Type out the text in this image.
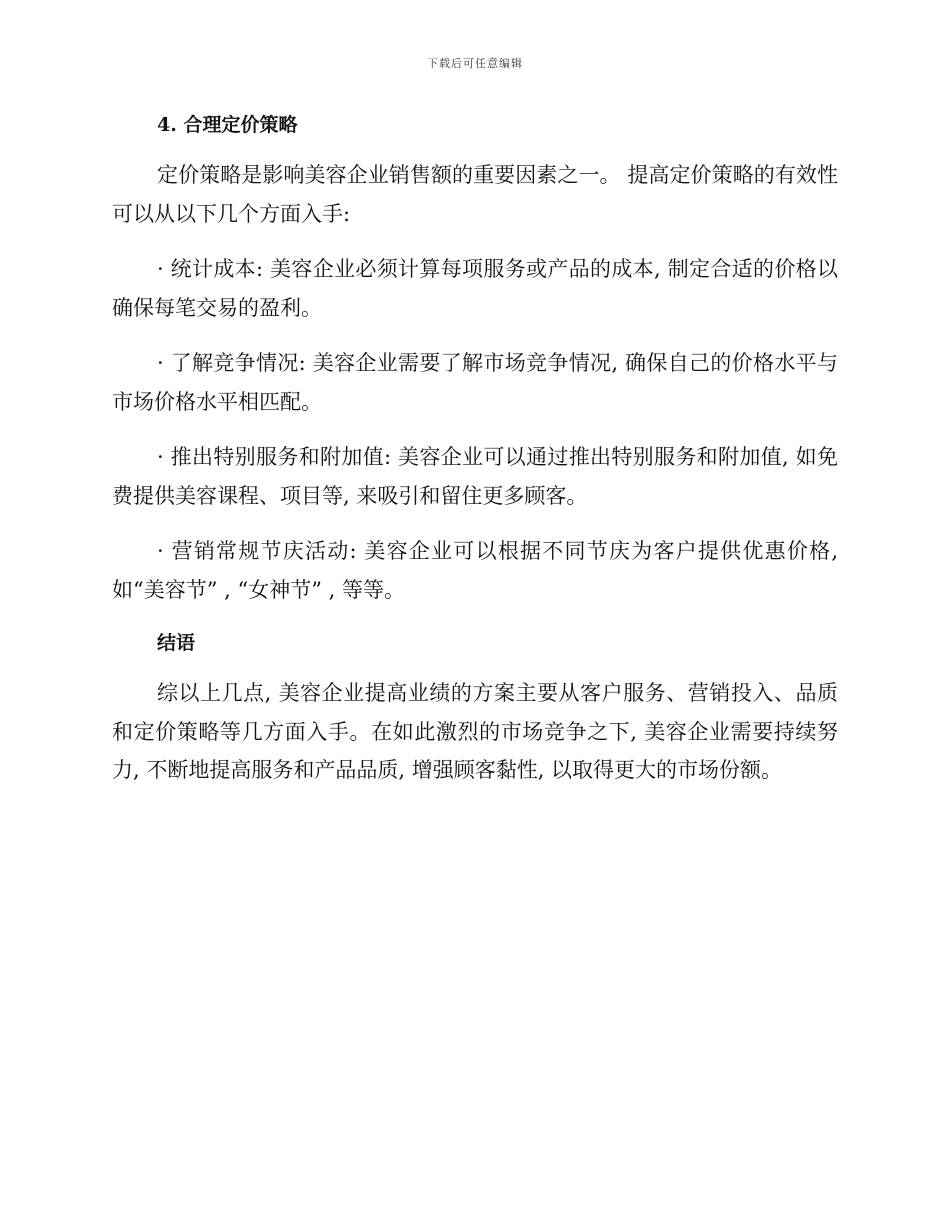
下载后可任意编辑
4. 合理定价策略

定价策略是影响美容企业销售额的重要因素之一。 提高定价策略的有效性可以从以下几个方面入手:

· 统计成本: 美容企业必须计算每项服务或产品的成本, 制定合适的价格以确保每笔交易的盈利。

· 了解竞争情况: 美容企业需要了解市场竞争情况, 确保自己的价格水平与市场价格水平相匹配。

· 推出特别服务和附加值: 美容企业可以通过推出特别服务和附加值, 如免费提供美容课程、项目等, 来吸引和留住更多顾客。

· 营销常规节庆活动: 美容企业可以根据不同节庆为客户提供优惠价格, 如“美容节” , “女神节” , 等等。

结语

综以上几点, 美容企业提高业绩的方案主要从客户服务、营销投入、品质和定价策略等几方面入手。在如此激烈的市场竞争之下, 美容企业需要持续努力, 不断地提高服务和产品品质, 增强顾客黏性, 以取得更大的市场份额。
